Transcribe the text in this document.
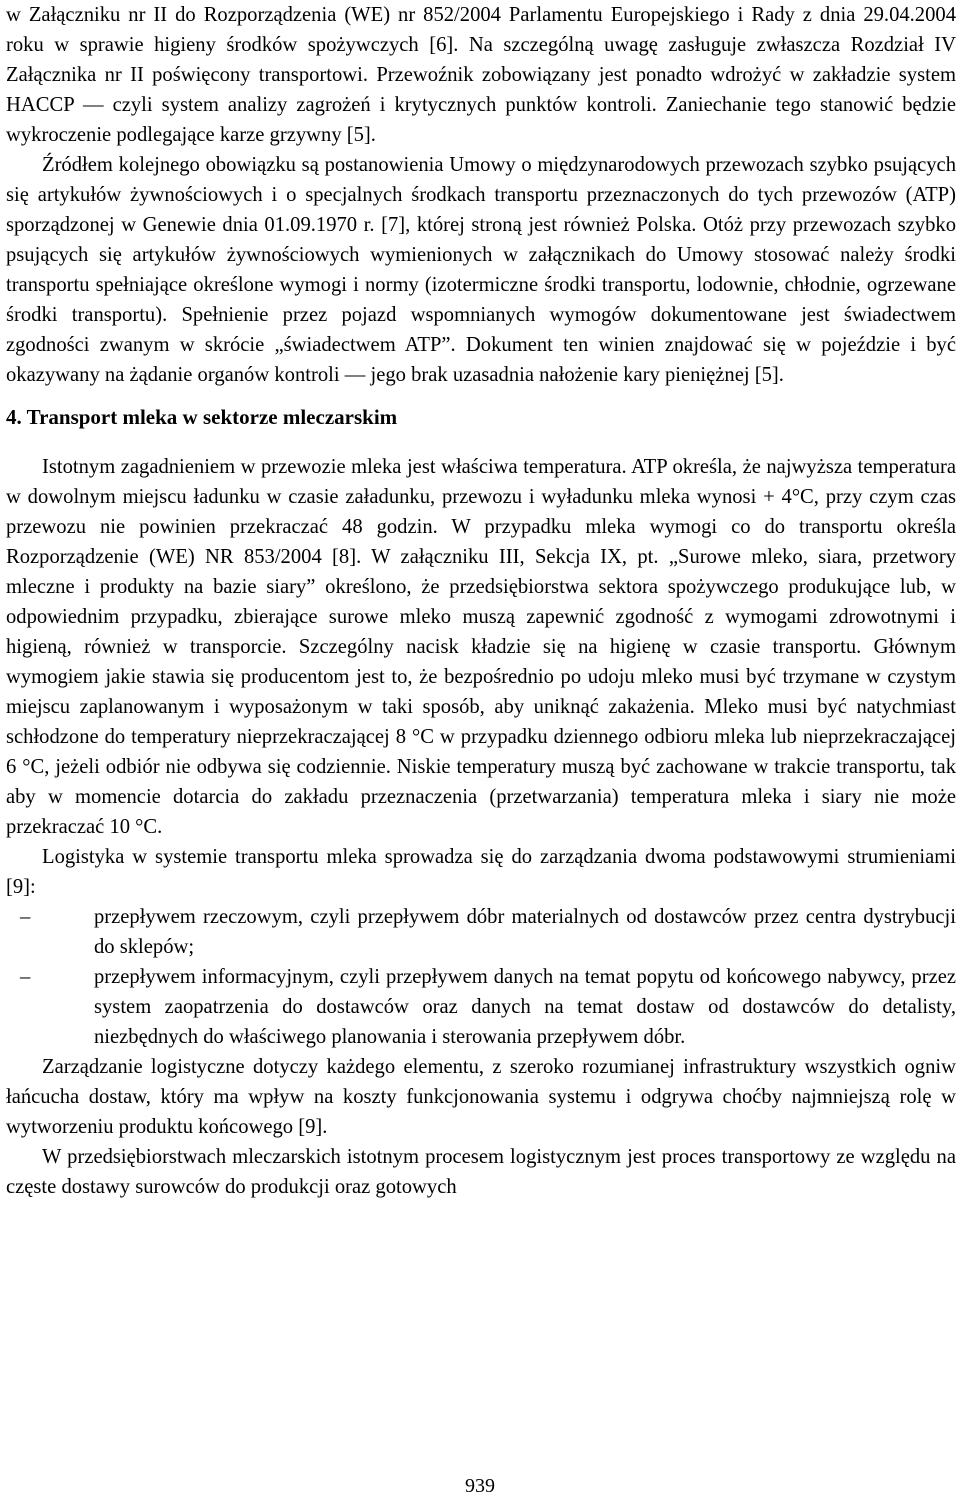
w Załączniku nr II do Rozporządzenia (WE) nr 852/2004 Parlamentu Europejskiego i Rady z dnia 29.04.2004 roku w sprawie higieny środków spożywczych [6]. Na szczególną uwagę zasługuje zwłaszcza Rozdział IV Załącznika nr II poświęcony transportowi. Przewoźnik zobowiązany jest ponadto wdrożyć w zakładzie system HACCP — czyli system analizy zagrożeń i krytycznych punktów kontroli. Zaniechanie tego stanowić będzie wykroczenie podlegające karze grzywny [5].

Źródłem kolejnego obowiązku są postanowienia Umowy o międzynarodowych przewozach szybko psujących się artykułów żywnościowych i o specjalnych środkach transportu przeznaczonych do tych przewozów (ATP) sporządzonej w Genewie dnia 01.09.1970 r. [7], której stroną jest również Polska. Otóż przy przewozach szybko psujących się artykułów żywnościowych wymienionych w załącznikach do Umowy stosować należy środki transportu spełniające określone wymogi i normy (izotermiczne środki transportu, lodownie, chłodnie, ogrzewane środki transportu). Spełnienie przez pojazd wspomnianych wymogów dokumentowane jest świadectwem zgodności zwanym w skrócie „świadectwem ATP”. Dokument ten winien znajdować się w pojeździe i być okazywany na żądanie organów kontroli — jego brak uzasadnia nałożenie kary pieniężnej [5].

4. Transport mleka w sektorze mleczarskim

Istotnym zagadnieniem w przewozie mleka jest właściwa temperatura. ATP określa, że najwyższa temperatura w dowolnym miejscu ładunku w czasie załadunku, przewozu i wyładunku mleka wynosi + 4°C, przy czym czas przewozu nie powinien przekraczać 48 godzin. W przypadku mleka wymogi co do transportu określa Rozporządzenie (WE) NR 853/2004 [8]. W załączniku III, Sekcja IX, pt. „Surowe mleko, siara, przetwory mleczne i produkty na bazie siary” określono, że przedsiębiorstwa sektora spożywczego produkujące lub, w odpowiednim przypadku, zbierające surowe mleko muszą zapewnić zgodność z wymogami zdrowotnymi i higieną, również w transporcie. Szczególny nacisk kładzie się na higienę w czasie transportu. Głównym wymogiem jakie stawia się producentom jest to, że bezpośrednio po udoju mleko musi być trzymane w czystym miejscu zaplanowanym i wyposażonym w taki sposób, aby uniknąć zakażenia. Mleko musi być natychmiast schłodzone do temperatury nieprzekraczającej 8 °C w przypadku dziennego odbioru mleka lub nieprzekraczającej 6 °C, jeżeli odbiór nie odbywa się codziennie. Niskie temperatury muszą być zachowane w trakcie transportu, tak aby w momencie dotarcia do zakładu przeznaczenia (przetwarzania) temperatura mleka i siary nie może przekraczać 10 °C.

Logistyka w systemie transportu mleka sprowadza się do zarządzania dwoma podstawowymi strumieniami [9]:

–	przepływem rzeczowym, czyli przepływem dóbr materialnych od dostawców przez centra dystrybucji do sklepów;
–	przepływem informacyjnym, czyli przepływem danych na temat popytu od końcowego nabywcy, przez system zaopatrzenia do dostawców oraz danych na temat dostaw od dostawców do detalisty, niezbędnych do właściwego planowania i sterowania przepływem dóbr.

Zarządzanie logistyczne dotyczy każdego elementu, z szeroko rozumianej infrastruktury wszystkich ogniw łańcucha dostaw, który ma wpływ na koszty funkcjonowania systemu i odgrywa choćby najmniejszą rolę w wytworzeniu produktu końcowego [9].

W przedsiębiorstwach mleczarskich istotnym procesem logistycznym jest proces transportowy ze względu na częste dostawy surowców do produkcji oraz gotowych

939
